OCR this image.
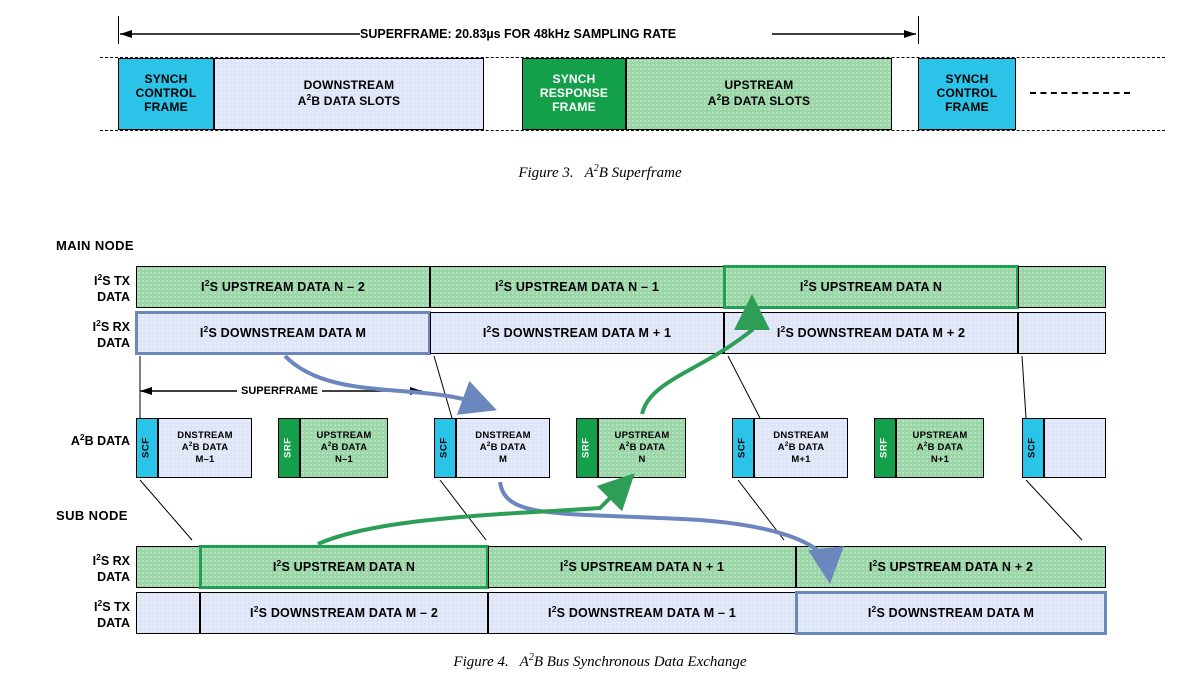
SUPERFRAME: 20.83µs FOR 48kHz SAMPLING RATE
SYNCH
CONTROL
FRAME
DOWNSTREAM
$A^2B$ DATA SLOTS
SYNCH
RESPONSE
FRAME
UPSTREAM
$A^2B$ DATA SLOTS
SYNCH
CONTROL
FRAME
Figure 3.   $A^2B$ Superframe
MAIN NODE
$I^2S$ TX
DATA
$I^2S$ RX
DATA
$I^2S$ UPSTREAM DATA N – 2	$I^2S$ UPSTREAM DATA N – 1	$I^2S$ UPSTREAM DATA N
$I^2S$ DOWNSTREAM DATA M	$I^2S$ DOWNSTREAM DATA M + 1	$I^2S$ DOWNSTREAM DATA M + 2
SUPERFRAME
$A^2B$ DATA	SCF
DNSTREAM
$A^2B$ DATA
M–1
SRF
UPSTREAM
$A^2B$ DATA
N–1
SCF
DNSTREAM
$A^2B$ DATA
M
SRF
UPSTREAM
$A^2B$ DATA
N
SCF
DNSTREAM
$A^2B$ DATA
M+1
SRF
UPSTREAM
$A^2B$ DATA
N+1
SCF
SUB NODE
$I^2S$ RX
DATA
$I^2S$ TX
DATA
$I^2S$ UPSTREAM DATA N	$I^2S$ UPSTREAM DATA N + 1	$I^2S$ UPSTREAM DATA N + 2
$I^2S$ DOWNSTREAM DATA M – 2	$I^2S$ DOWNSTREAM DATA M – 1	$I^2S$ DOWNSTREAM DATA M
Figure 4.   $A^2B$ Bus Synchronous Data Exchange
